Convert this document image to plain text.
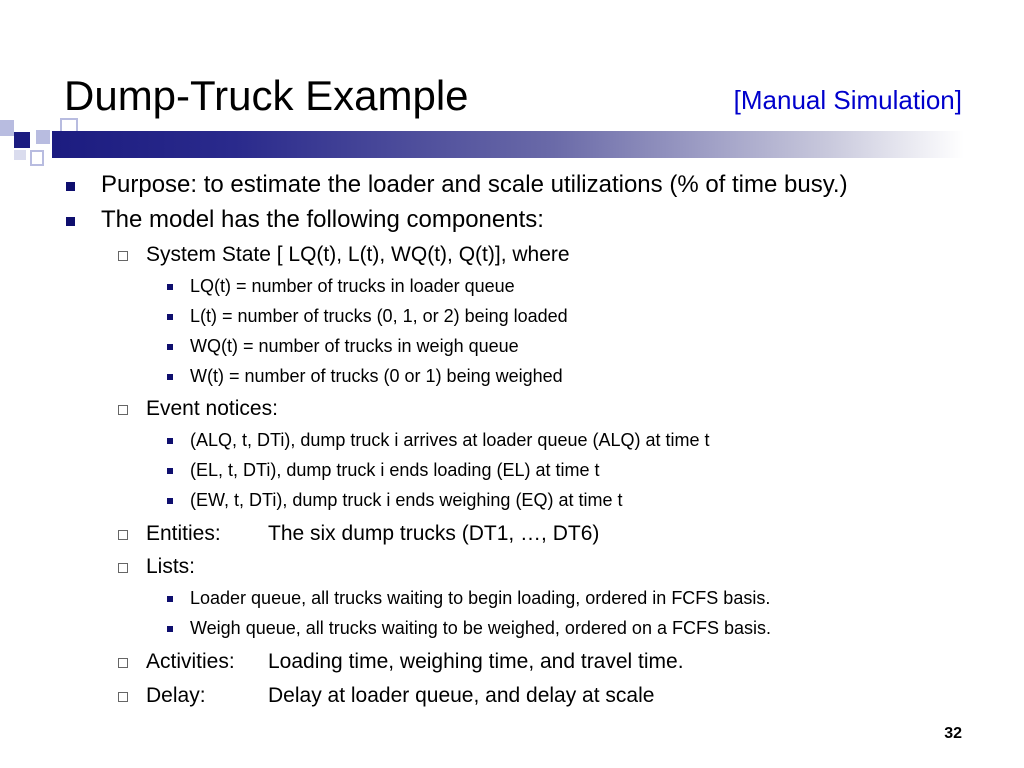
Dump-Truck Example	[Manual Simulation]
Purpose: to estimate the loader and scale utilizations (% of time busy.)
The model has the following components:
System State [ LQ(t), L(t), WQ(t), Q(t)], where
LQ(t) = number of trucks in loader queue
L(t) = number of trucks (0, 1, or 2) being loaded
WQ(t) = number of trucks in weigh queue
W(t) = number of trucks (0 or 1) being weighed
Event notices:
(ALQ, t, DTi), dump truck i arrives at loader queue (ALQ) at time t
(EL, t, DTi), dump truck i ends loading (EL) at time t
(EW, t, DTi), dump truck i ends weighing (EQ) at time t
Entities: The six dump trucks (DT1, …, DT6)
Lists:
Loader queue, all trucks waiting to begin loading, ordered in FCFS basis.
Weigh queue, all trucks waiting to be weighed, ordered on a FCFS basis.
Activities: Loading time, weighing time, and travel time.
Delay:	Delay at loader queue, and delay at scale
32
